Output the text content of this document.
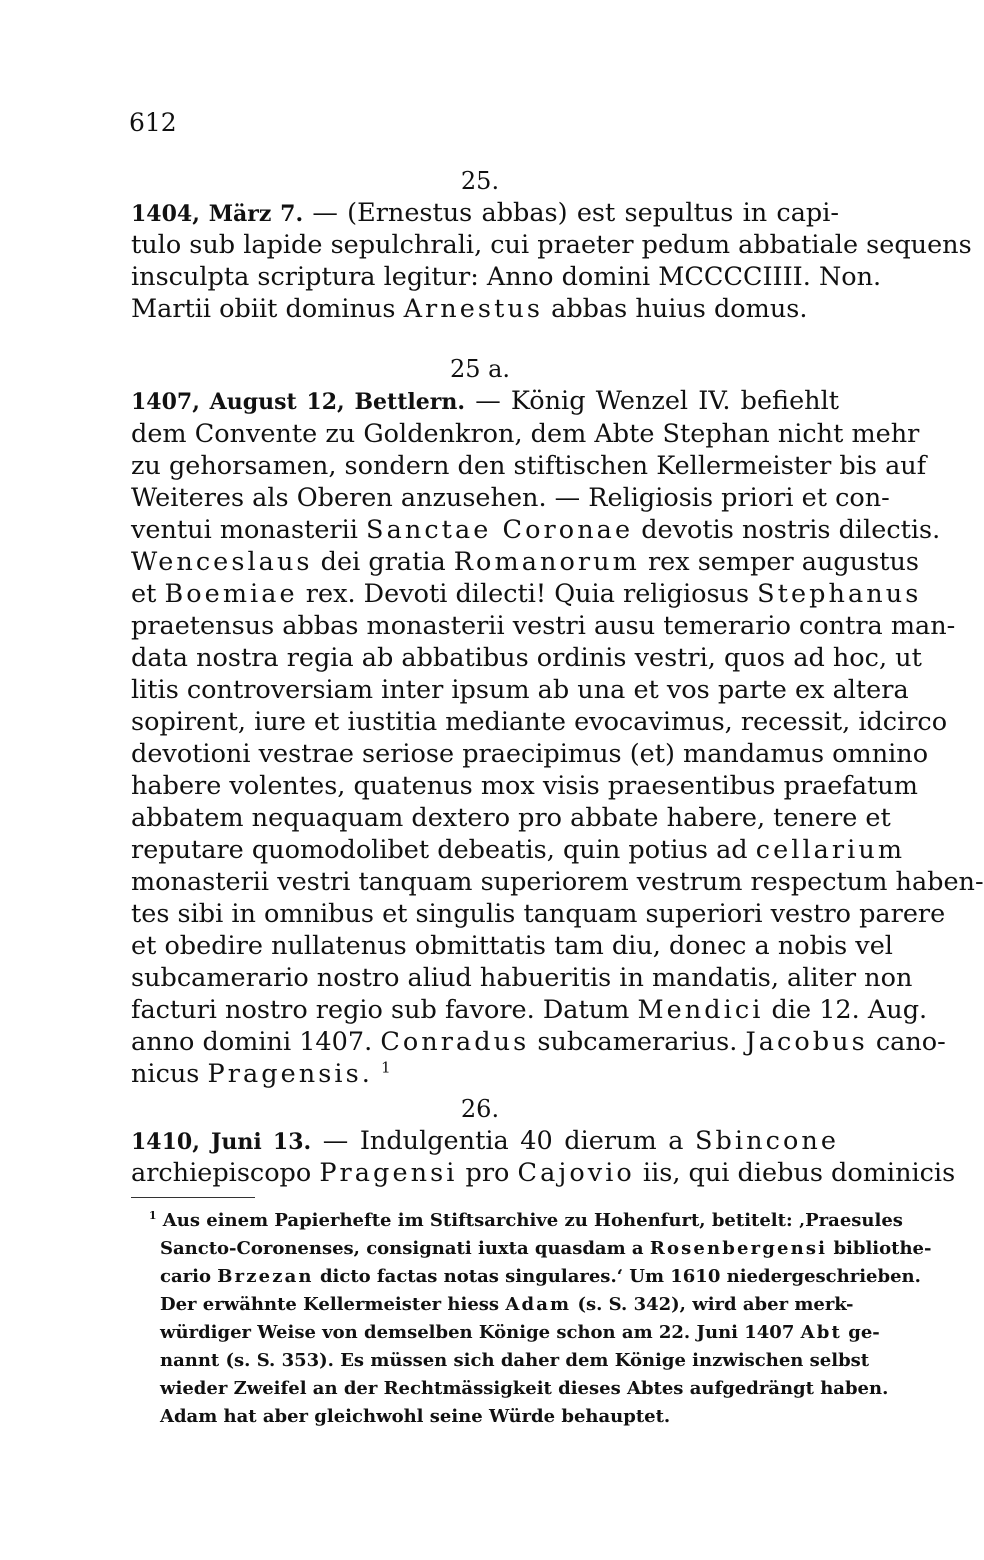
612
25.
1404, März 7. — (Ernestus abbas) est sepultus in capi-
tulo sub lapide sepulchrali, cui praeter pedum abbatiale sequens
insculpta scriptura legitur: Anno domini MCCCCIIII. Non.
Martii obiit dominus Arnestus abbas huius domus.
25 a.
1407, August 12, Bettlern. — König Wenzel IV. befiehlt
dem Convente zu Goldenkron, dem Abte Stephan nicht mehr
zu gehorsamen, sondern den stiftischen Kellermeister bis auf
Weiteres als Oberen anzusehen. — Religiosis priori et con-
ventui monasterii Sanctae Coronae devotis nostris dilectis.
Wenceslaus dei gratia Romanorum rex semper augustus
et Boemiae rex. Devoti dilecti! Quia religiosus Stephanus
praetensus abbas monasterii vestri ausu temerario contra man-
data nostra regia ab abbatibus ordinis vestri, quos ad hoc, ut
litis controversiam inter ipsum ab una et vos parte ex altera
sopirent, iure et iustitia mediante evocavimus, recessit, idcirco
devotioni vestrae seriose praecipimus (et) mandamus omnino
habere volentes, quatenus mox visis praesentibus praefatum
abbatem nequaquam dextero pro abbate habere, tenere et
reputare quomodolibet debeatis, quin potius ad cellarium
monasterii vestri tanquam superiorem vestrum respectum haben-
tes sibi in omnibus et singulis tanquam superiori vestro parere
et obedire nullatenus obmittatis tam diu, donec a nobis vel
subcamerario nostro aliud habueritis in mandatis, aliter non
facturi nostro regio sub favore. Datum Mendici die 12. Aug.
anno domini 1407. Conradus subcamerarius. Jacobus cano-
nicus Pragensis. $^1$
26.
1410, Juni 13. — Indulgentia 40 dierum a Sbincone
archiepiscopo Pragensi pro Cajovio iis, qui diebus dominicis
$^1$ Aus einem Papierhefte im Stiftsarchive zu Hohenfurt, betitelt: ‚Praesules
Sancto-Coronenses, consignati iuxta quasdam a Rosenbergensi bibliothe-
cario Brzezan dicto factas notas singulares.‘ Um 1610 niedergeschrieben.
Der erwähnte Kellermeister hiess Adam (s. S. 342), wird aber merk-
würdiger Weise von demselben Könige schon am 22. Juni 1407 Abt ge-
nannt (s. S. 353). Es müssen sich daher dem Könige inzwischen selbst
wieder Zweifel an der Rechtmässigkeit dieses Abtes aufgedrängt haben.
Adam hat aber gleichwohl seine Würde behauptet.
